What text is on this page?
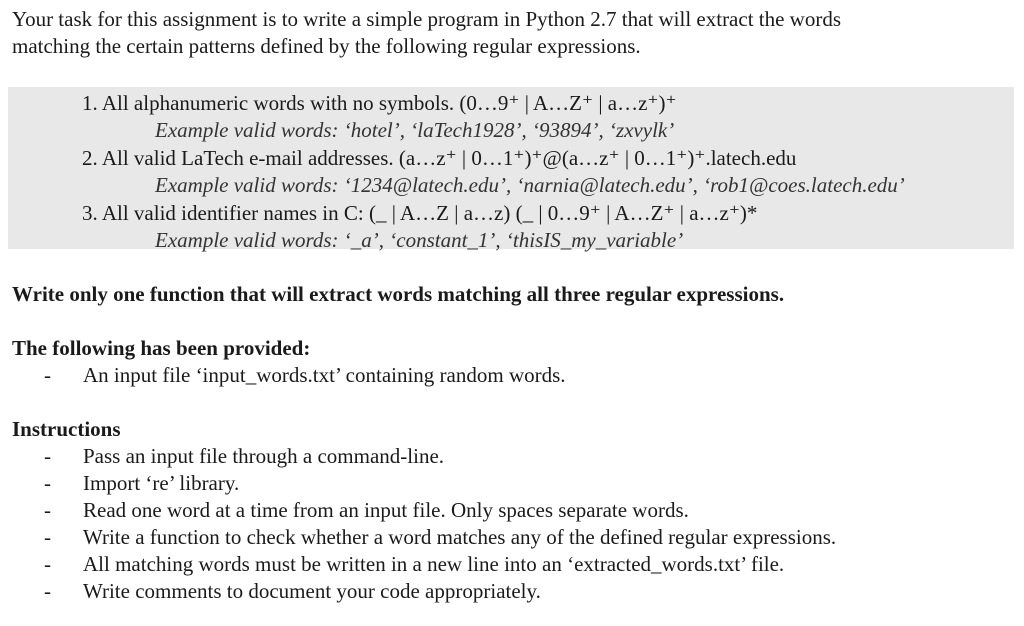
Your task for this assignment is to write a simple program in Python 2.7 that will extract the words

matching the certain patterns defined by the following regular expressions.

1. All alphanumeric words with no symbols. (0…9⁺ | A…Z⁺ | a…z⁺)⁺
Example valid words: ‘hotel’, ‘laTech1928’, ‘93894’, ‘zxvylk’
2. All valid LaTech e-mail addresses. (a…z⁺ | 0…1⁺)⁺@(a…z⁺ | 0…1⁺)⁺.latech.edu
Example valid words: ‘1234@latech.edu’, ‘narnia@latech.edu’, ‘rob1@coes.latech.edu’
3. All valid identifier names in C: (_ | A…Z | a…z) (_ | 0…9⁺ | A…Z⁺ | a…z⁺)*
Example valid words: ‘_a’, ‘constant_1’, ‘thisIS_my_variable’
Write only one function that will extract words matching all three regular expressions.
The following has been provided:
- An input file ‘input_words.txt’ containing random words.
Instructions
- Pass an input file through a command-line.
- Import ‘re’ library.
- Read one word at a time from an input file. Only spaces separate words.
- Write a function to check whether a word matches any of the defined regular expressions.
- All matching words must be written in a new line into an ‘extracted_words.txt’ file.
- Write comments to document your code appropriately.
